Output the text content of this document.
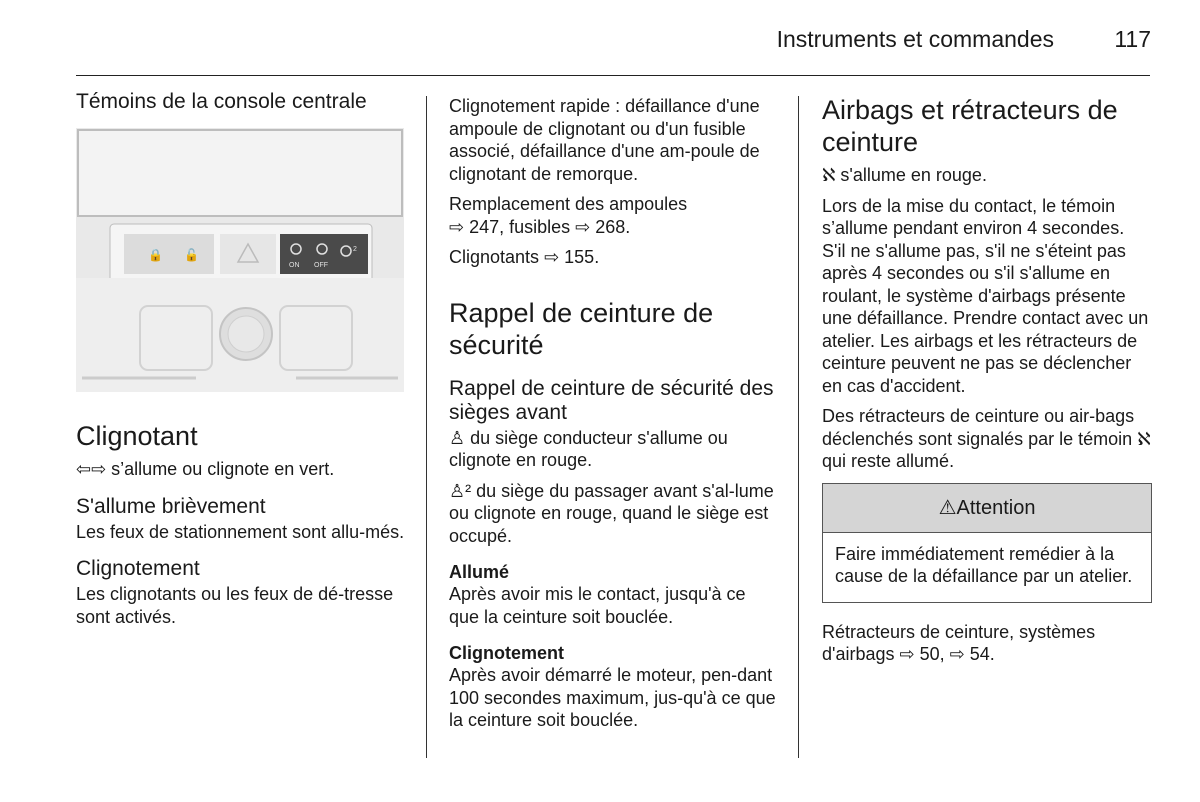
Instruments et commandes	117
Témoins de la console centrale
🔒 🔓
ON OFF
2
Clignotant
⇦⇨ s’allume ou clignote en vert.
S'allume brièvement
Les feux de stationnement sont allu-més.
Clignotement
Les clignotants ou les feux de dé-tresse sont activés.
Clignotement rapide : défaillance d'une ampoule de clignotant ou d'un fusible associé, défaillance d'une am-poule de clignotant de remorque.
Remplacement des ampoules
⇨ 247, fusibles ⇨ 268.
Clignotants ⇨ 155.
Rappel de ceinture de sécurité
Rappel de ceinture de sécurité des sièges avant
♙ du siège conducteur s'allume ou clignote en rouge.
♙² du siège du passager avant s'al-lume ou clignote en rouge, quand le siège est occupé.
Allumé
Après avoir mis le contact, jusqu'à ce que la ceinture soit bouclée.
Clignotement
Après avoir démarré le moteur, pen-dant 100 secondes maximum, jus-qu'à ce que la ceinture soit bouclée.
Airbags et rétracteurs de ceinture
ℵ s'allume en rouge.
Lors de la mise du contact, le témoin s’allume pendant environ 4 secondes. S'il ne s'allume pas, s'il ne s'éteint pas après 4 secondes ou s'il s'allume en roulant, le système d'airbags présente une défaillance. Prendre contact avec un atelier. Les airbags et les rétracteurs de ceinture peuvent ne pas se déclencher en cas d'accident.
Des rétracteurs de ceinture ou air-bags déclenchés sont signalés par le témoin ℵ qui reste allumé.
⚠Attention
Faire immédiatement remédier à la cause de la défaillance par un atelier.
Rétracteurs de ceinture, systèmes d'airbags ⇨ 50, ⇨ 54.
